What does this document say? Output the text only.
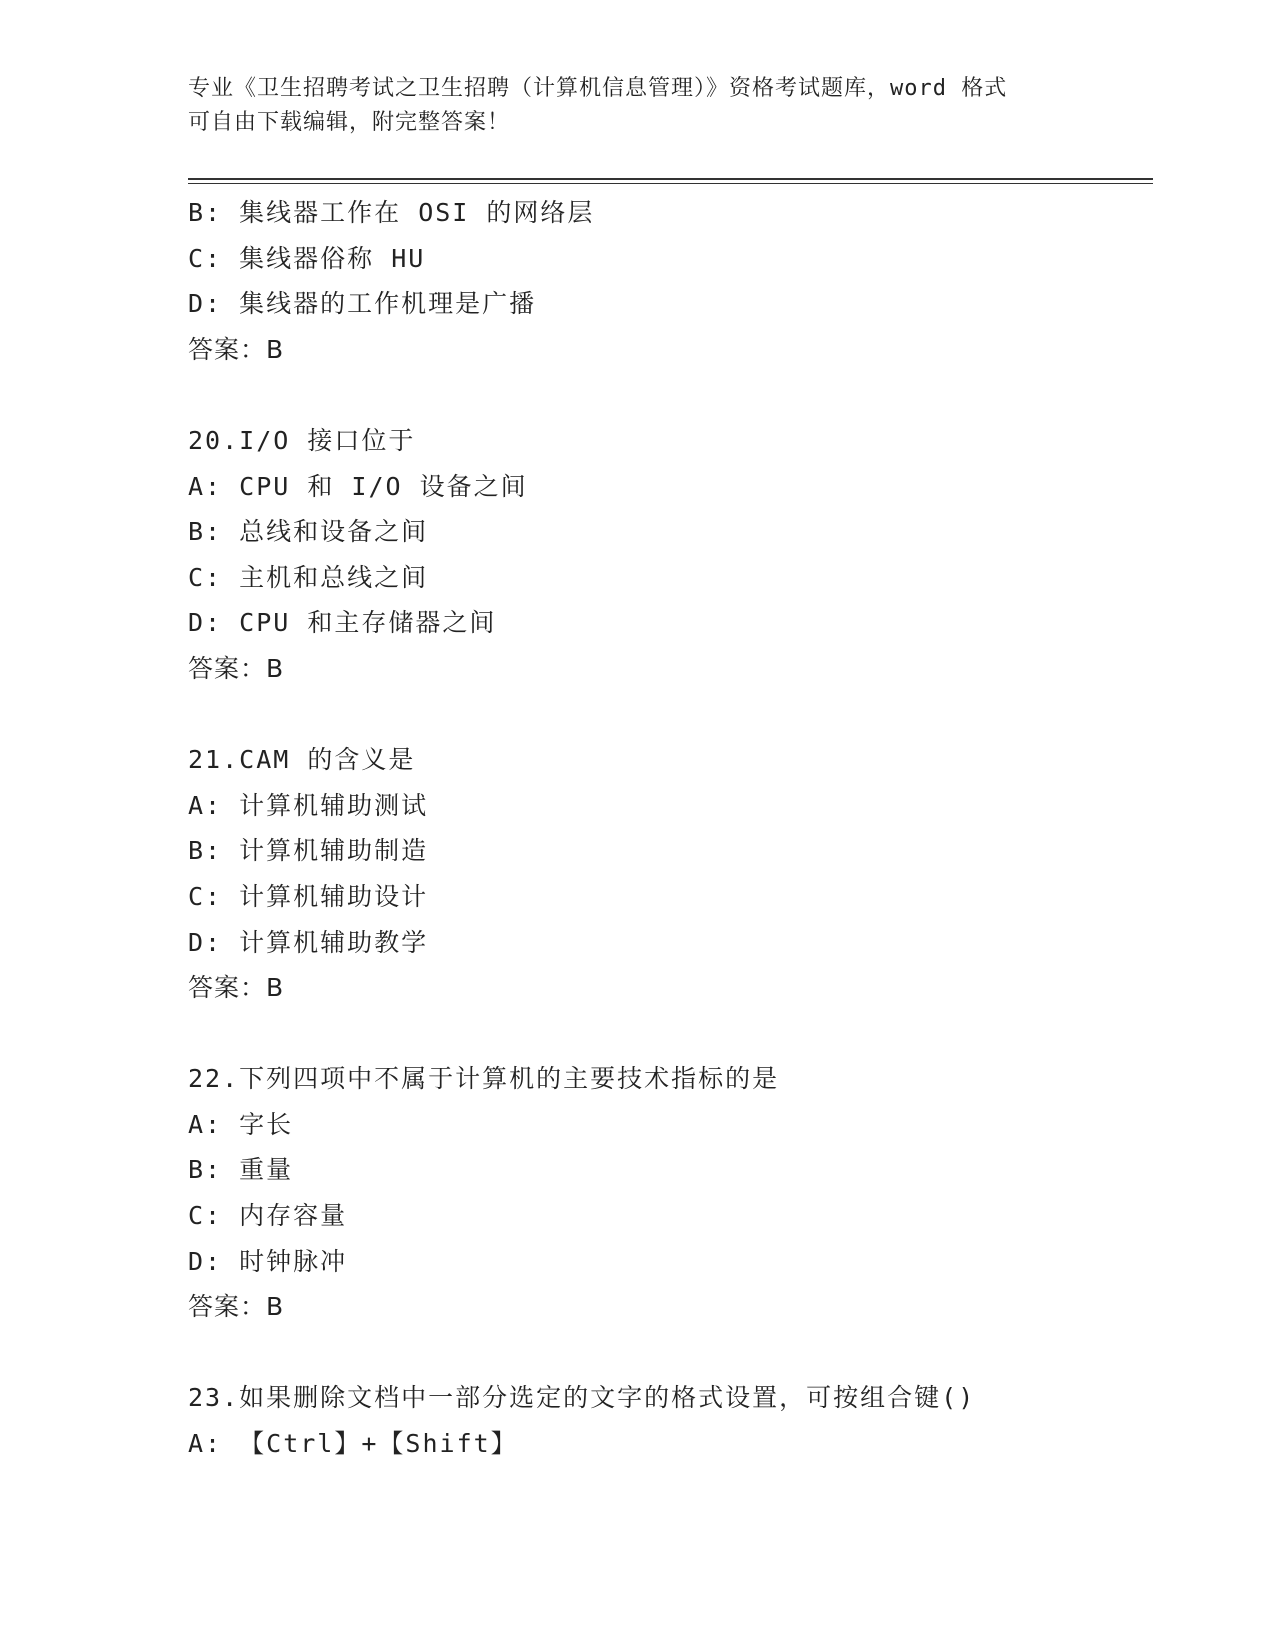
专业《卫生招聘考试之卫生招聘（计算机信息管理）》资格考试题库，word 格式
可自由下载编辑，附完整答案！
B: 集线器工作在 OSI 的网络层
C: 集线器俗称 HU
D: 集线器的工作机理是广播
答案：B
20.I/O 接口位于
A: CPU 和 I/O 设备之间
B: 总线和设备之间
C: 主机和总线之间
D: CPU 和主存储器之间
答案：B
21.CAM 的含义是
A: 计算机辅助测试
B: 计算机辅助制造
C: 计算机辅助设计
D: 计算机辅助教学
答案：B
22.下列四项中不属于计算机的主要技术指标的是
A: 字长
B: 重量
C: 内存容量
D: 时钟脉冲
答案：B
23.如果删除文档中一部分选定的文字的格式设置，可按组合键()
A: 【Ctrl】+【Shift】
